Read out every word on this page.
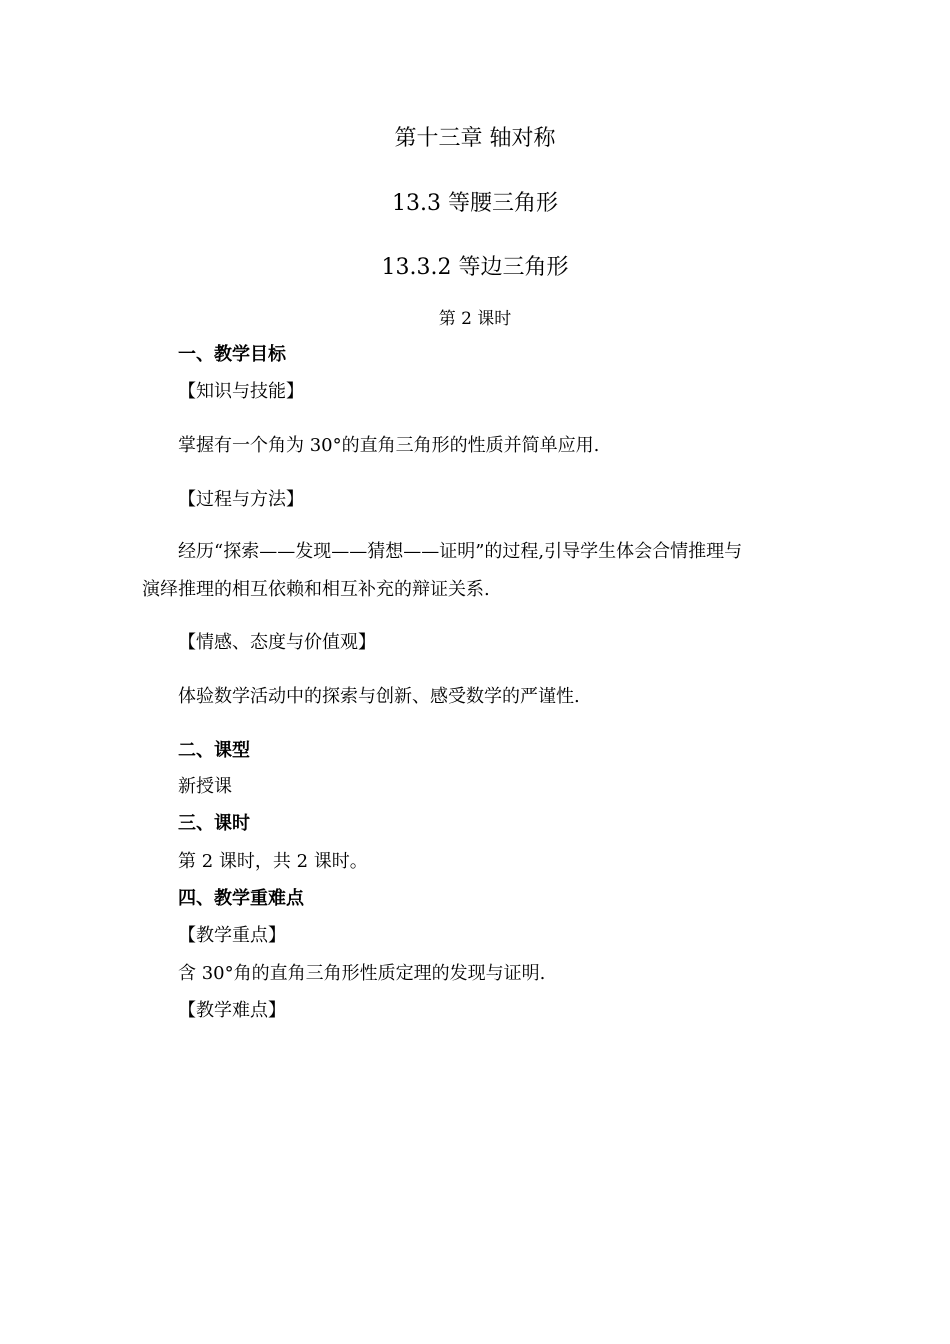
第十三章 轴对称
13.3 等腰三角形
13.3.2 等边三角形
第 2 课时
一、教学目标
【知识与技能】
掌握有一个角为 30°的直角三角形的性质并简单应用.
【过程与方法】
经历“探索——发现——猜想——证明”的过程,引导学生体会合情推理与
演绎推理的相互依赖和相互补充的辩证关系.
【情感、态度与价值观】
体验数学活动中的探索与创新、感受数学的严谨性.
二、课型
新授课
三、课时
第 2 课时，共 2 课时。
四、教学重难点
【教学重点】
含 30°角的直角三角形性质定理的发现与证明.
【教学难点】
